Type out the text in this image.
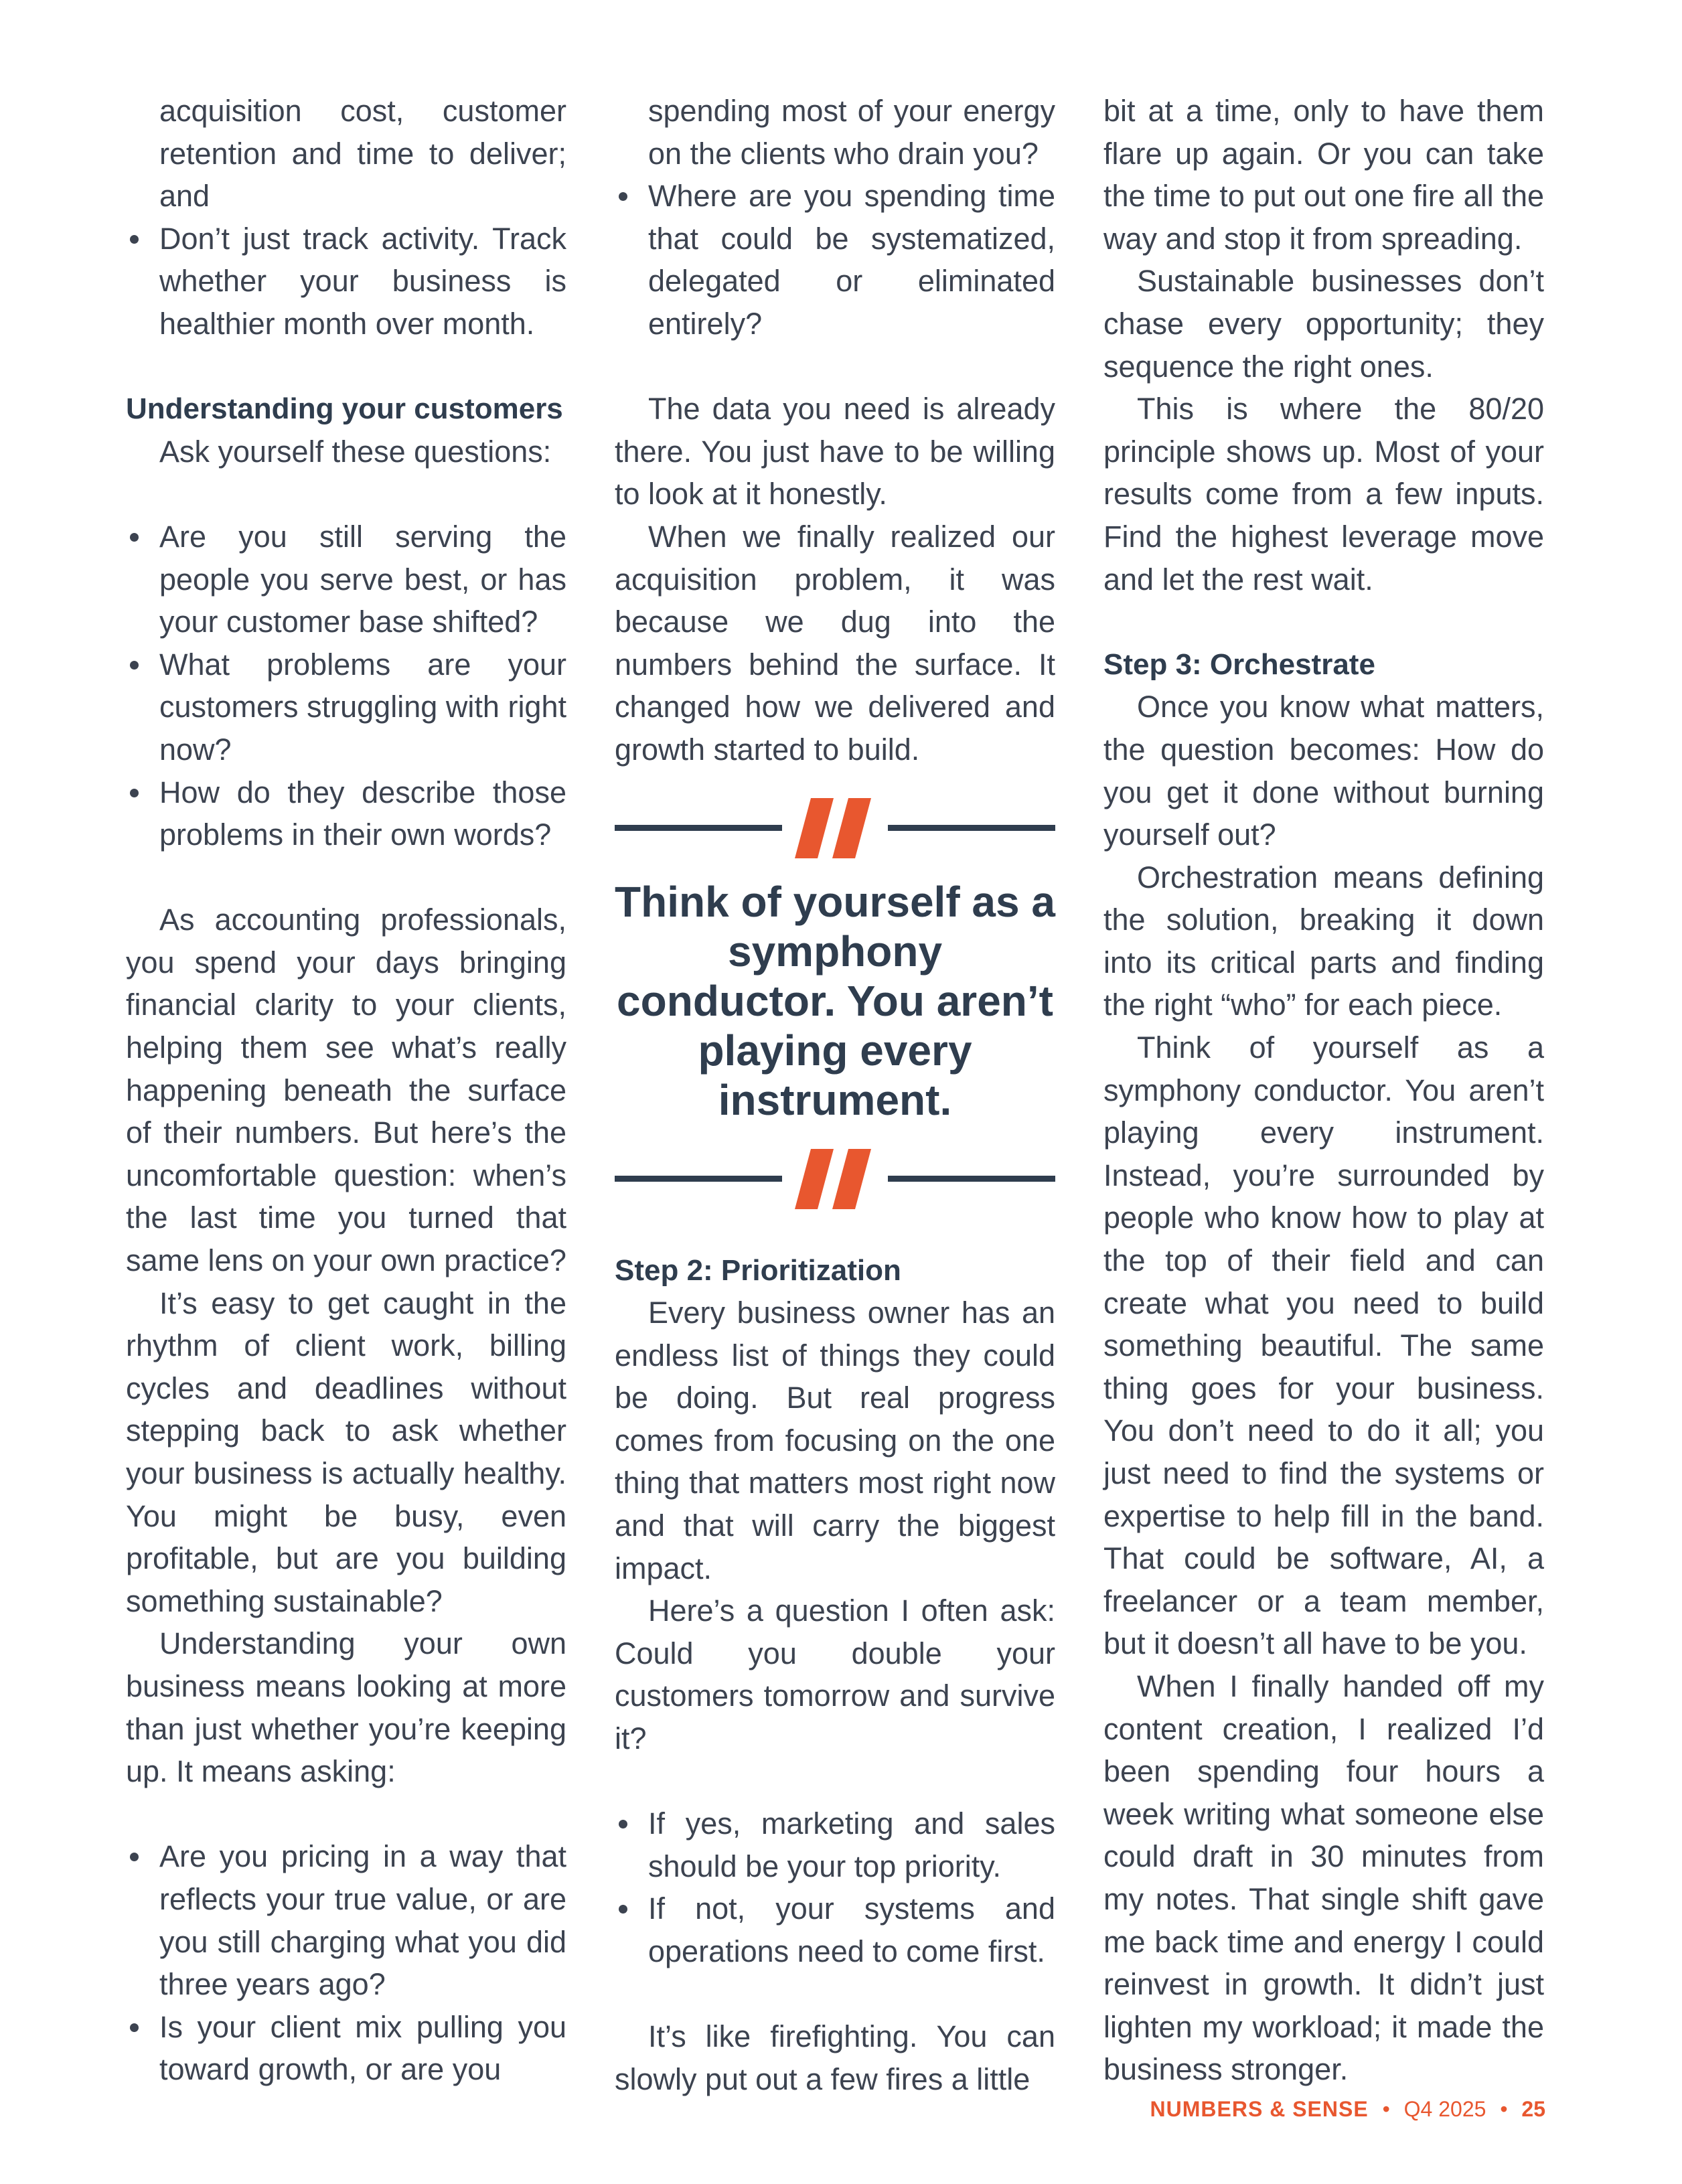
acquisition cost, customer retention and time to deliver; and
Don’t just track activity. Track whether your business is healthier month over month.
Understanding your customers

Ask yourself these questions:

Are you still serving the people you serve best, or has your customer base shifted?
What problems are your customers struggling with right now?
How do they describe those problems in their own words?

As accounting professionals, you spend your days bringing financial clarity to your clients, helping them see what’s really happening beneath the surface of their numbers. But here’s the uncomfortable question: when’s the last time you turned that same lens on your own practice?

It’s easy to get caught in the rhythm of client work, billing cycles and deadlines without stepping back to ask whether your business is actually healthy. You might be busy, even profitable, but are you building something sustainable?

Understanding your own business means looking at more than just whether you’re keeping up. It means asking:

Are you pricing in a way that reflects your true value, or are you still charging what you did three years ago?
Is your client mix pulling you toward growth, or are you
spending most of your energy on the clients who drain you?
Where are you spending time that could be systematized, delegated or eliminated entirely?

The data you need is already there. You just have to be willing to look at it honestly.

When we finally realized our acquisition problem, it was because we dug into the numbers behind the surface. It changed how we delivered and growth started to build.

Think of yourself as a symphony conductor. You aren’t playing every instrument.
Step 2: Prioritization

Every business owner has an endless list of things they could be doing. But real progress comes from focusing on the one thing that matters most right now and that will carry the biggest impact.

Here’s a question I often ask: Could you double your customers tomorrow and survive it?

If yes, marketing and sales should be your top priority.
If not, your systems and operations need to come first.

It’s like firefighting. You can slowly put out a few fires a little

bit at a time, only to have them flare up again. Or you can take the time to put out one fire all the way and stop it from spreading.

Sustainable businesses don’t chase every opportunity; they sequence the right ones.

This is where the 80/20 principle shows up. Most of your results come from a few inputs. Find the highest leverage move and let the rest wait.

Step 3: Orchestrate

Once you know what matters, the question becomes: How do you get it done without burning yourself out?

Orchestration means defining the solution, breaking it down into its critical parts and finding the right “who” for each piece.

Think of yourself as a symphony conductor. You aren’t playing every instrument. Instead, you’re surrounded by people who know how to play at the top of their field and can create what you need to build something beautiful. The same thing goes for your business. You don’t need to do it all; you just need to find the systems or expertise to help fill in the band. That could be software, AI, a freelancer or a team member, but it doesn’t all have to be you.

When I finally handed off my content creation, I realized I’d been spending four hours a week writing what someone else could draft in 30 minutes from my notes. That single shift gave me back time and energy I could reinvest in growth. It didn’t just lighten my workload; it made the business stronger.

NUMBERS & SENSE • Q4 2025 • 25
